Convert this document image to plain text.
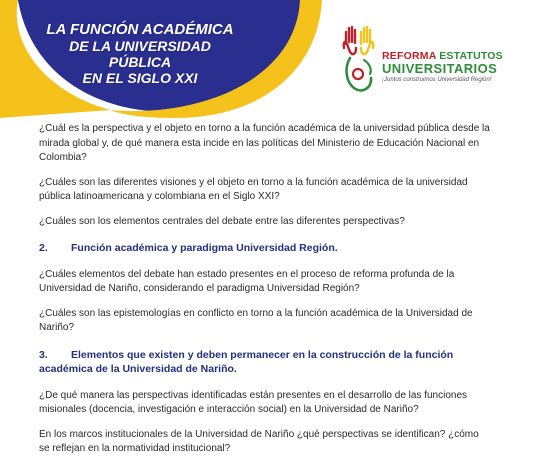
LA FUNCIÓN ACADÉMICA
DE LA UNIVERSIDAD PÚBLICA
EN EL SIGLO XXI
REFORMA ESTATUTOS
UNIVERSITARIOS
¡Juntos construimos Universidad Región!

¿Cuál es la perspectiva y el objeto en torno a la función académica de la universidad pública desde la mirada global y, de qué manera esta incide en las políticas del Ministerio de Educación Nacional en Colombia?

¿Cuáles son las diferentes visiones y el objeto en torno a la función académica de la universidad pública latinoamericana y colombiana en el Siglo XXI?

¿Cuáles son los elementos centrales del debate entre las diferentes perspectivas?

2. Función académica y paradigma Universidad Región.

¿Cuáles elementos del debate han estado presentes en el proceso de reforma profunda de la Universidad de Nariño, considerando el paradigma Universidad Región?

¿Cuáles son las epistemologías en conflicto en torno a la función académica de la Universidad de Nariño?

3. Elementos que existen y deben permanecer en la construcción de la función académica de la Universidad de Nariño.

¿De qué manera las perspectivas identificadas están presentes en el desarrollo de las funciones misionales (docencia, investigación e interacción social) en la Universidad de Nariño?

En los marcos institucionales de la Universidad de Nariño ¿qué perspectivas se identifican? ¿cómo se reflejan en la normatividad institucional?
